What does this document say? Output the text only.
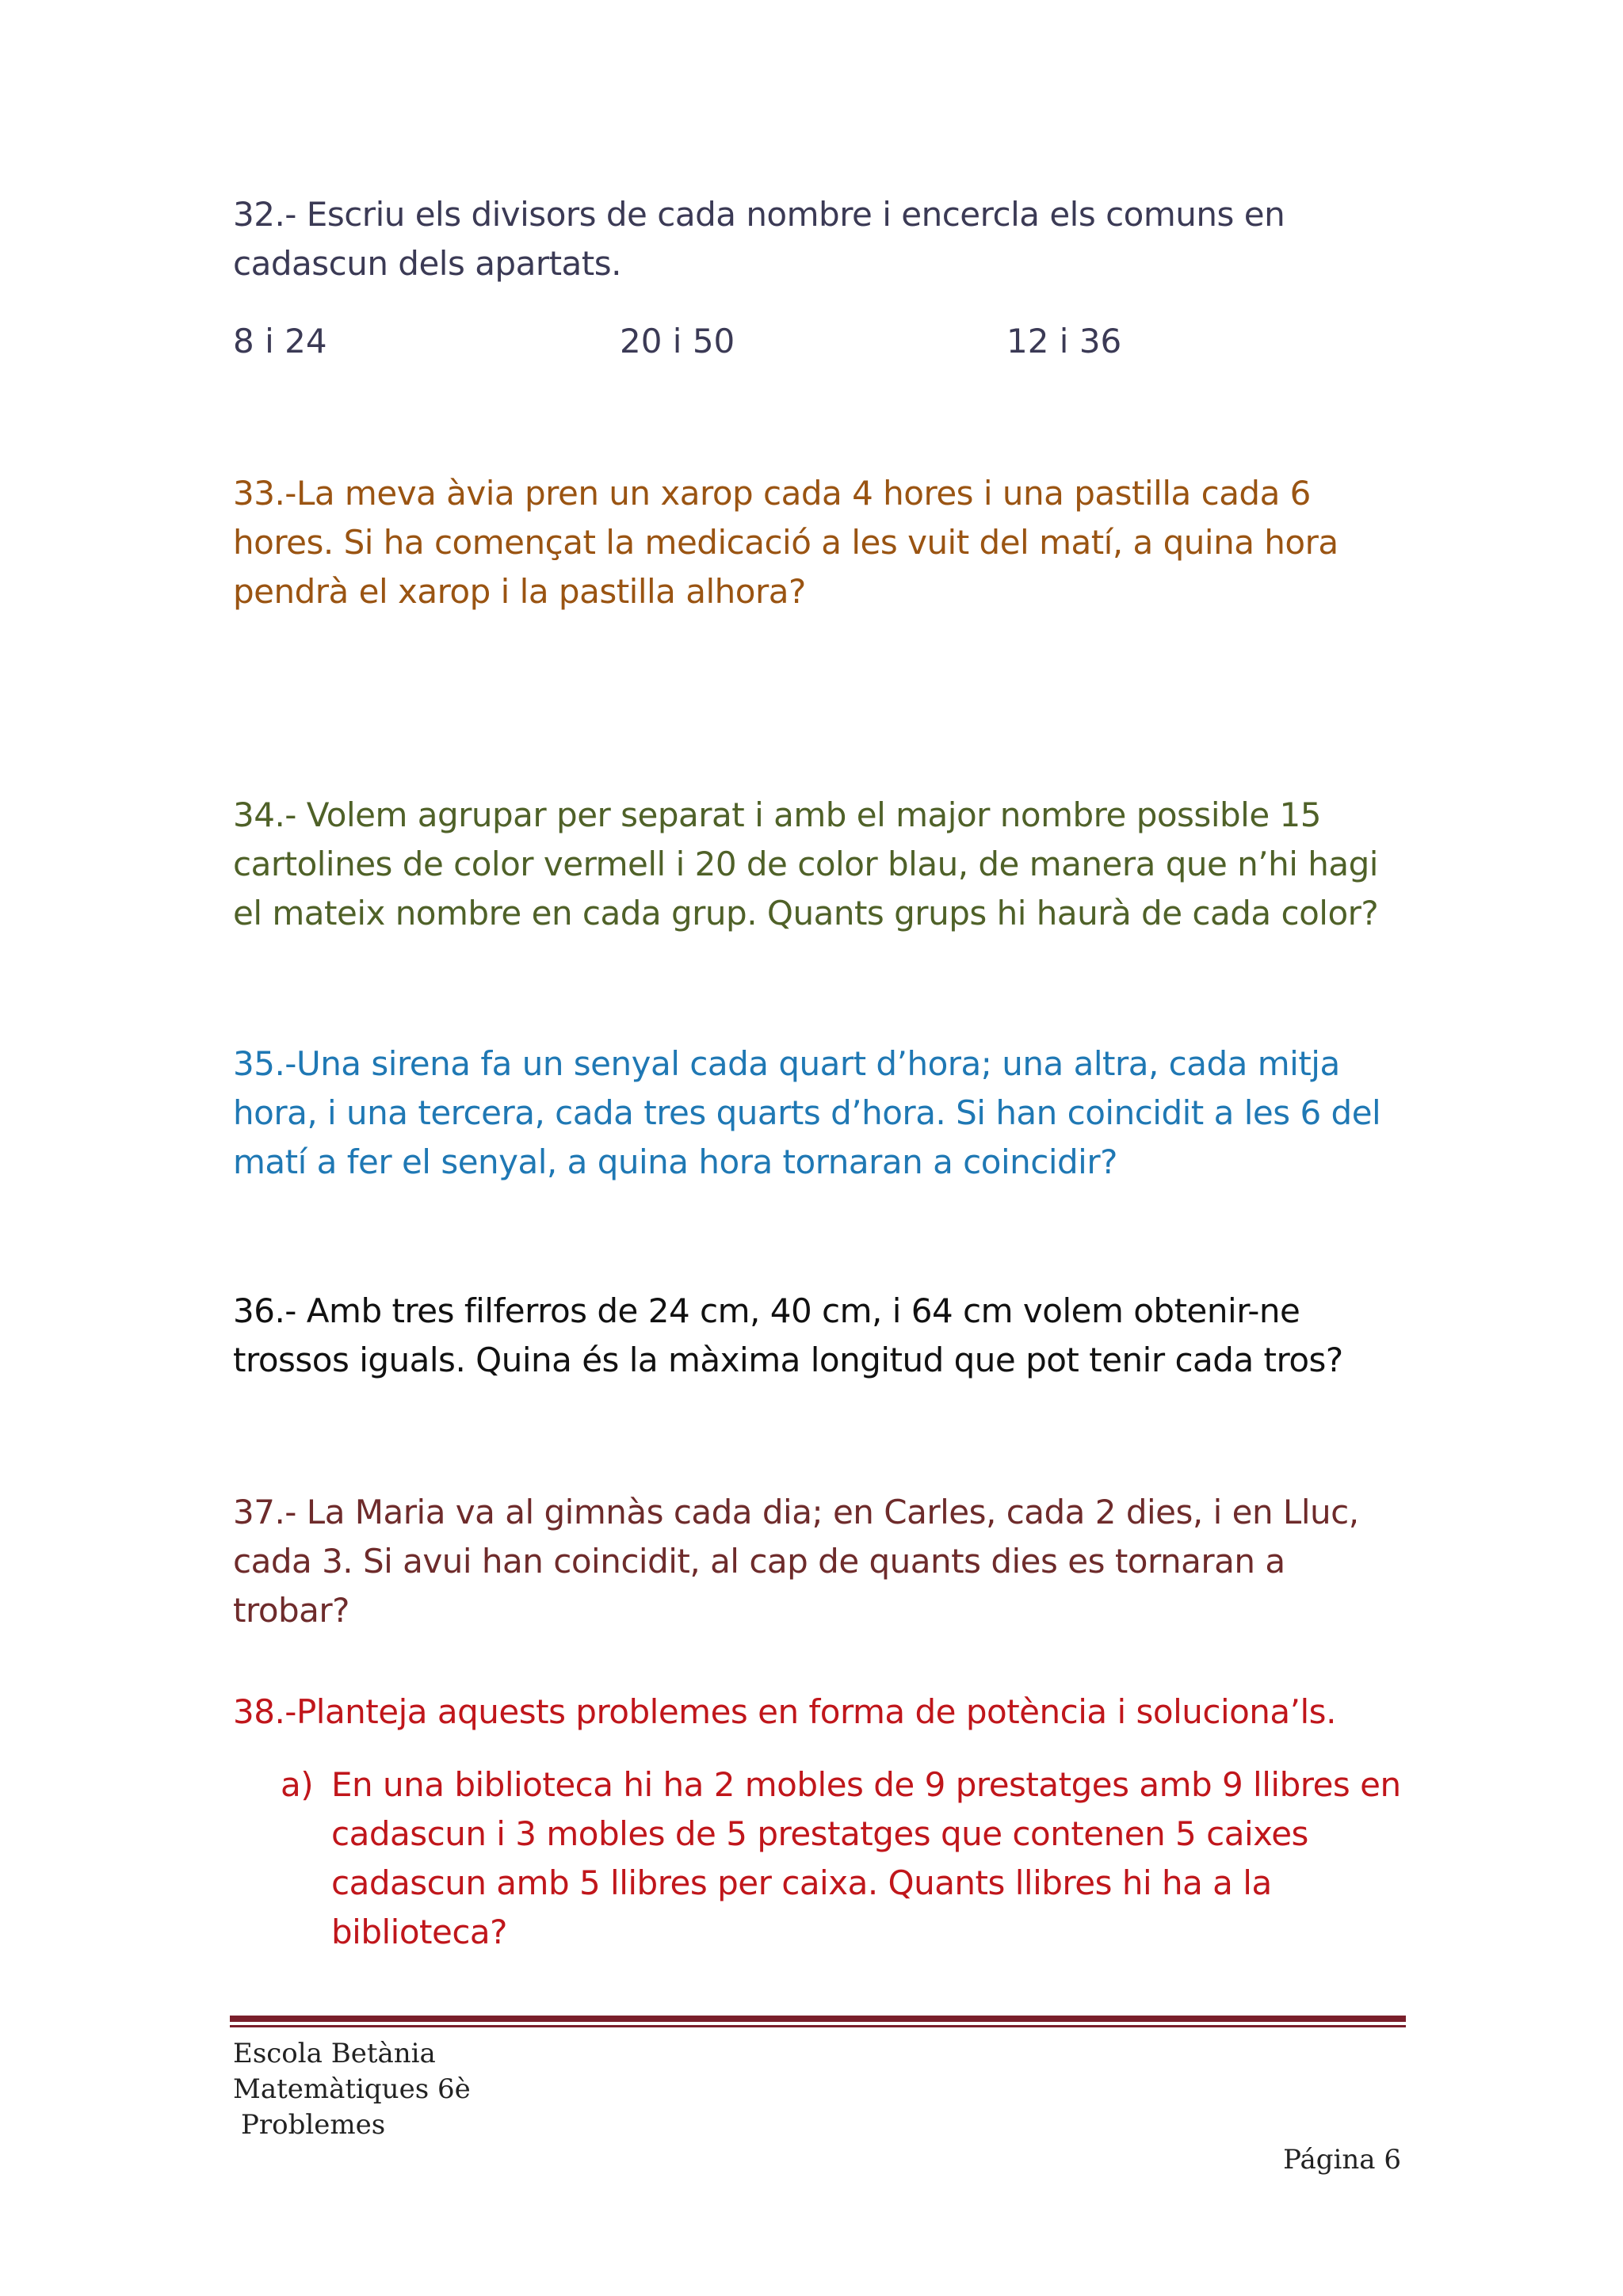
32.- Escriu els divisors de cada nombre i encercla els comuns en cadascun dels apartats.
8 i 24	20 i 50	12 i 36
33.-La meva àvia pren un xarop cada 4 hores i una pastilla cada 6 hores. Si ha començat la medicació a les vuit del matí, a quina hora pendrà el xarop i la pastilla alhora?
34.- Volem agrupar per separat i amb el major nombre possible 15 cartolines de color vermell i 20 de color blau, de manera que n’hi hagi el mateix nombre en cada grup. Quants grups hi haurà de cada color?
35.-Una sirena fa un senyal cada quart d’hora; una altra, cada mitja hora, i una tercera, cada tres quarts d’hora. Si han coincidit a les 6 del matí a fer el senyal, a quina hora tornaran a coincidir?
36.- Amb tres filferros de 24 cm, 40 cm, i 64 cm volem obtenir-ne trossos iguals. Quina és la màxima longitud que pot tenir cada tros?
37.- La Maria va al gimnàs cada dia; en Carles, cada 2 dies, i en Lluc, cada 3. Si avui han coincidit, al cap de quants dies es tornaran a trobar?
38.-Planteja aquests problemes en forma de potència i soluciona’ls.
a) En una biblioteca hi ha 2 mobles de 9 prestatges amb 9 llibres en cadascun i 3 mobles de 5 prestatges que contenen 5 caixes cadascun amb 5 llibres per caixa. Quants llibres hi ha a la biblioteca?
Escola Betània
Matemàtiques 6è
Problemes
Página 6
